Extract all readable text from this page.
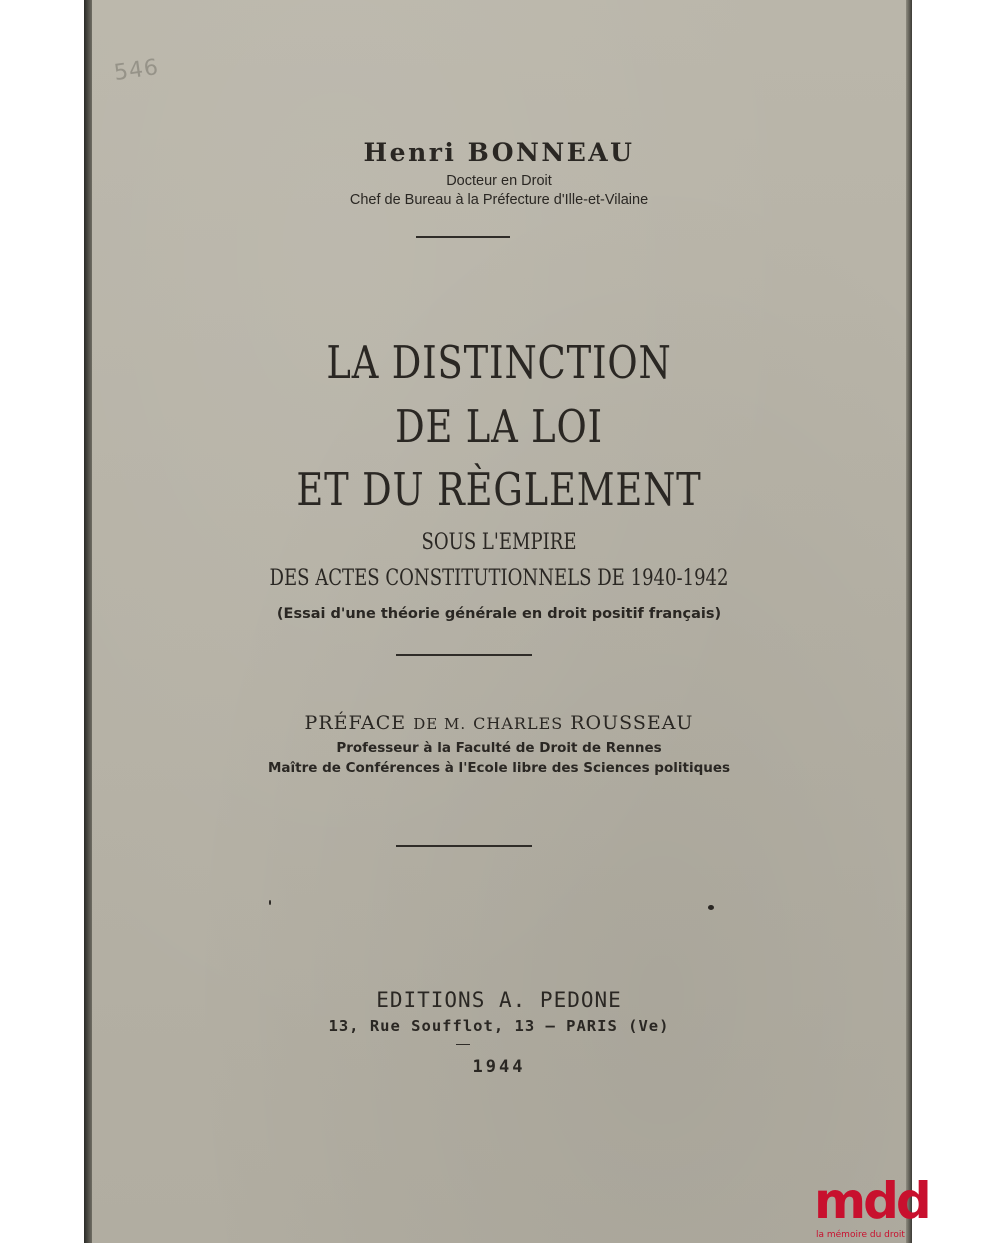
546
Henri BONNEAU
Docteur en Droit
Chef de Bureau à la Préfecture d'Ille-et-Vilaine
LA DISTINCTION
DE LA LOI
ET DU RÈGLEMENT
SOUS L'EMPIRE
DES ACTES CONSTITUTIONNELS DE 1940-1942
(Essai d'une théorie générale en droit positif français)
PRÉFACE DE M. CHARLES ROUSSEAU
Professeur à la Faculté de Droit de Rennes
Maître de Conférences à l'Ecole libre des Sciences politiques
EDITIONS A. PEDONE
13, Rue Soufflot, 13 — PARIS (Ve)
1944
mdd
la mémoire du droit
